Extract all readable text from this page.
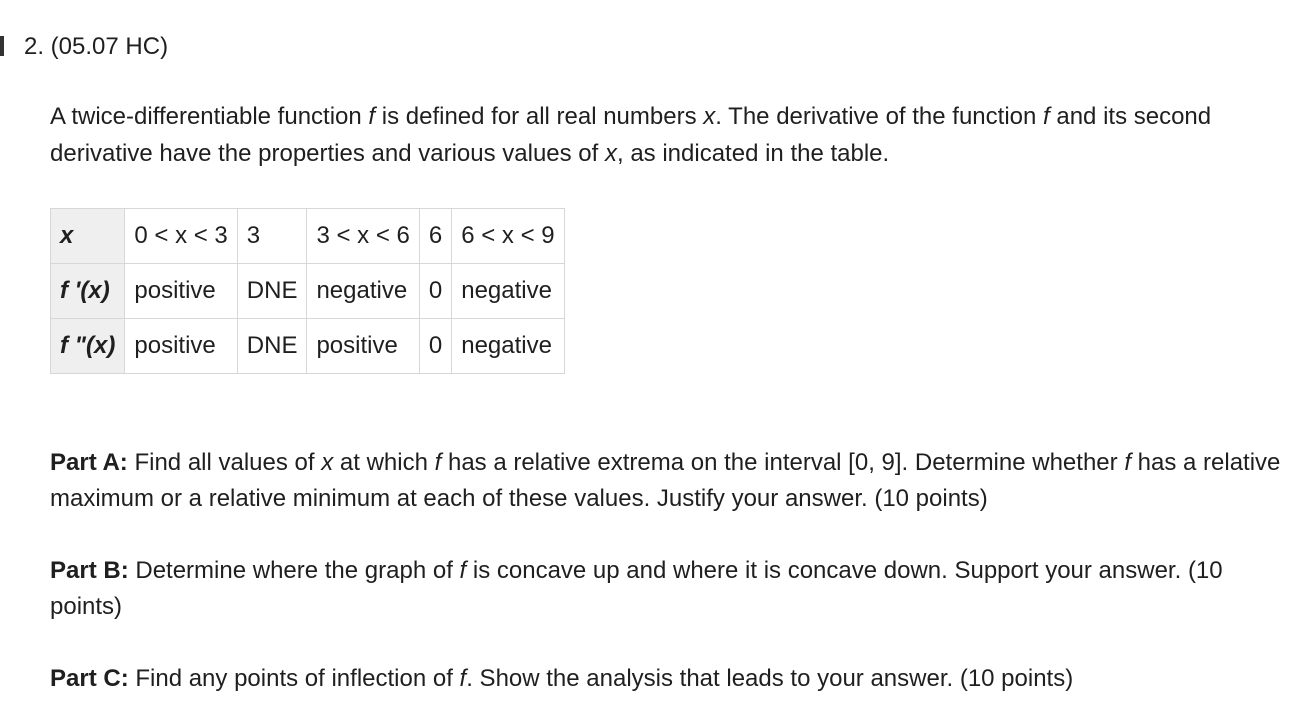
2. (05.07 HC)

A twice-differentiable function f is defined for all real numbers x. The derivative of the function f and its second derivative have the properties and various values of x, as indicated in the table.

x	0 < x < 3	3	3 < x < 6	6	6 < x < 9
f '(x)	positive	DNE	negative	0	negative
f "(x)	positive	DNE	positive	0	negative

Part A: Find all values of x at which f has a relative extrema on the interval [0, 9]. Determine whether f has a relative maximum or a relative minimum at each of these values. Justify your answer. (10 points)

Part B: Determine where the graph of f is concave up and where it is concave down. Support your answer. (10 points)

Part C: Find any points of inflection of f. Show the analysis that leads to your answer. (10 points)
